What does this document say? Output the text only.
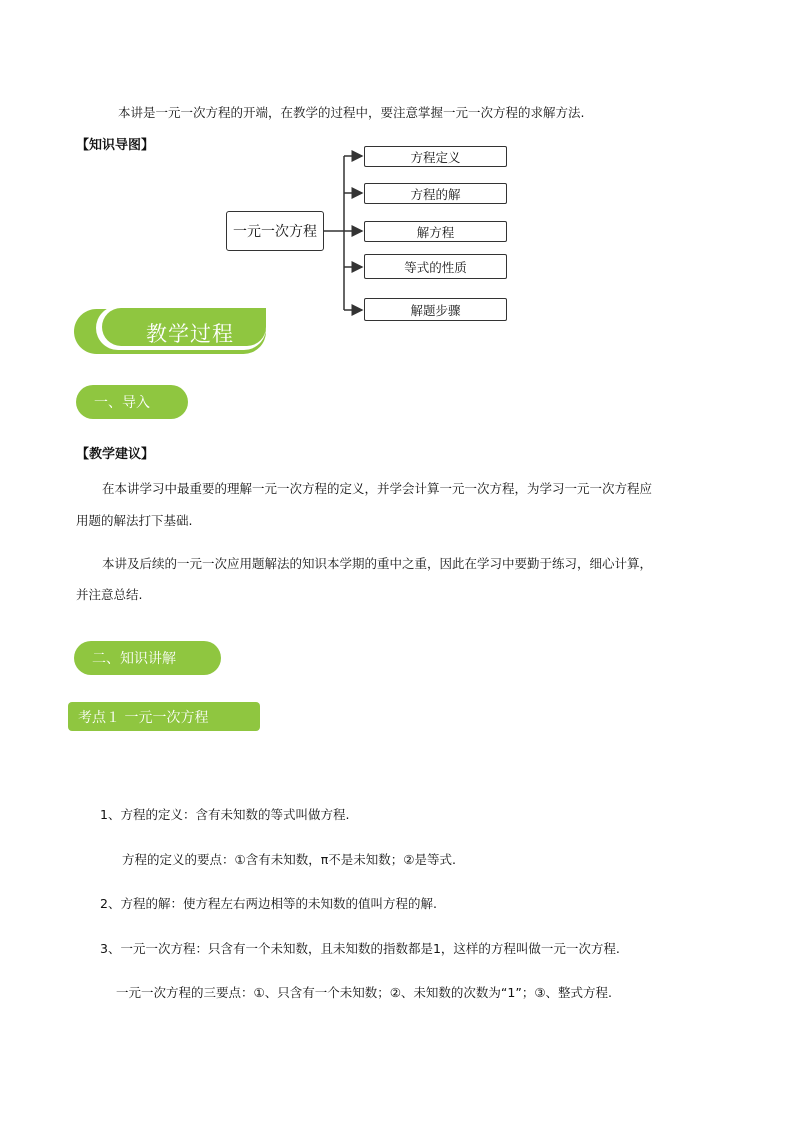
本讲是一元一次方程的开端，在教学的过程中，要注意掌握一元一次方程的求解方法.
【知识导图】
一元一次方程
方程定义
方程的解
解方程
等式的性质
解题步骤
教学过程
一、导入
【教学建议】
在本讲学习中最重要的理解一元一次方程的定义，并学会计算一元一次方程，为学习一元一次方程应
用题的解法打下基础.
本讲及后续的一元一次应用题解法的知识本学期的重中之重，因此在学习中要勤于练习，细心计算，
并注意总结.
二、知识讲解
考点１ 一元一次方程
1、方程的定义：含有未知数的等式叫做方程.
方程的定义的要点：①含有未知数，π不是未知数；②是等式.
2、方程的解：使方程左右两边相等的未知数的值叫方程的解.
3、一元一次方程：只含有一个未知数，且未知数的指数都是1，这样的方程叫做一元一次方程.
一元一次方程的三要点：①、只含有一个未知数；②、未知数的次数为“1”；③、整式方程.
